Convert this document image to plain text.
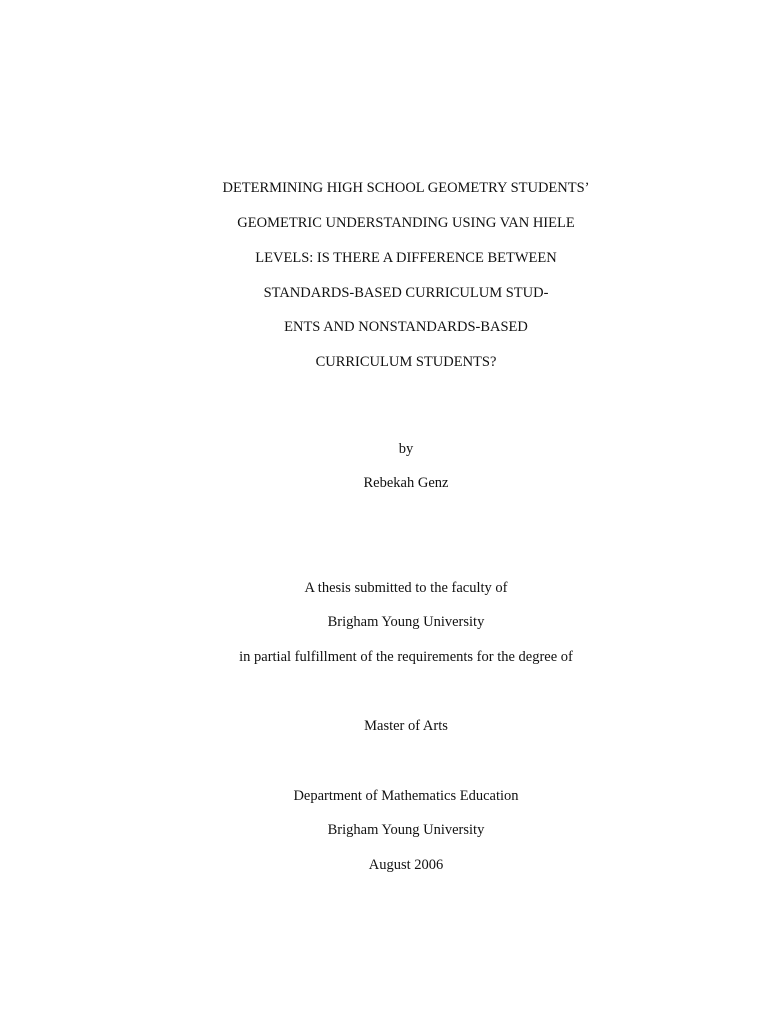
DETERMINING HIGH SCHOOL GEOMETRY STUDENTS’
GEOMETRIC UNDERSTANDING USING VAN HIELE
LEVELS: IS THERE A DIFFERENCE BETWEEN
STANDARDS-BASED CURRICULUM STUD-
ENTS AND NONSTANDARDS-BASED
CURRICULUM STUDENTS?
by
Rebekah Genz
A thesis submitted to the faculty of
Brigham Young University
in partial fulfillment of the requirements for the degree of
Master of Arts
Department of Mathematics Education
Brigham Young University
August 2006
